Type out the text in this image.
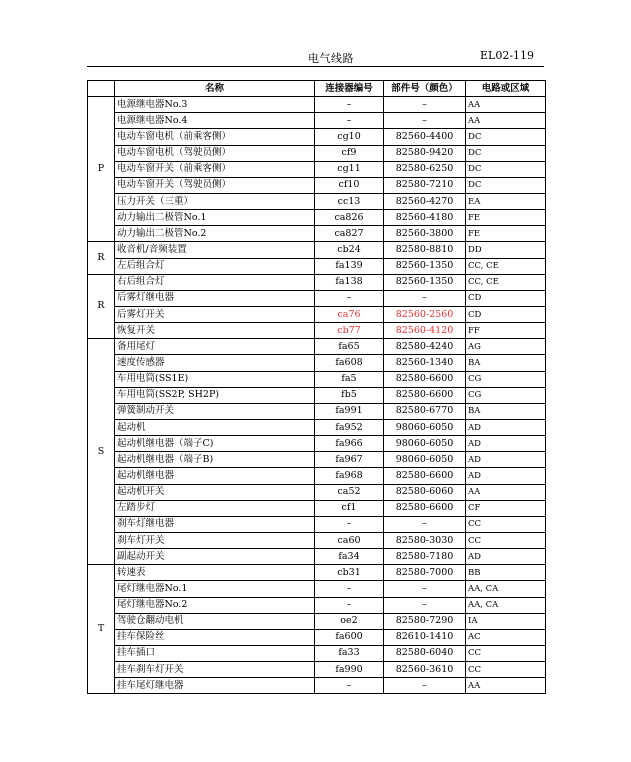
电气线路	EL02-119
	名称	连接器编号	部件号（颜色）	电路或区域
P	电源继电器No.3	–	–	AA
	电源继电器No.4	–	–	AA
	电动车窗电机（前乘客侧）	cg10	82560-4400	DC
	电动车窗电机（驾驶员侧）	cf9	82580-9420	DC
	电动车窗开关（前乘客侧）	cg11	82580-6250	DC
	电动车窗开关（驾驶员侧）	cf10	82580-7210	DC
	压力开关（三重）	cc13	82560-4270	EA
	动力输出二极管No.1	ca826	82560-4180	FE
	动力输出二极管No.2	ca827	82560-3800	FE
R	收音机/音频装置	cb24	82580-8810	DD
	左后组合灯	fa139	82560-1350	CC, CE
R	右后组合灯	fa138	82560-1350	CC, CE
	后雾灯继电器	–	–	CD
	后雾灯开关	ca76	82560-2560	CD
	恢复开关	cb77	82560-4120	FF
S	备用尾灯	fa65	82580-4240	AG
	速度传感器	fa608	82560-1340	BA
	车用电筒(SS1E)	fa5	82580-6600	CG
	车用电筒(SS2P, SH2P)	fb5	82580-6600	CG
	弹簧制动开关	fa991	82580-6770	BA
	起动机	fa952	98060-6050	AD
	起动机继电器（端子C)	fa966	98060-6050	AD
	起动机继电器（端子B)	fa967	98060-6050	AD
	起动机继电器	fa968	82580-6600	AD
	起动机开关	ca52	82580-6060	AA
	左踏步灯	cf1	82580-6600	CF
	刹车灯继电器	–	–	CC
	刹车灯开关	ca60	82580-3030	CC
	副起动开关	fa34	82580-7180	AD
T	转速表	cb31	82580-7000	BB
	尾灯继电器No.1	–	–	AA, CA
	尾灯继电器No.2	–	–	AA, CA
	驾驶仓翻动电机	oe2	82580-7290	IA
	挂车保险丝	fa600	82610-1410	AC
	挂车插口	fa33	82580-6040	CC
	挂车刹车灯开关	fa990	82560-3610	CC
	挂车尾灯继电器	–	–	AA
